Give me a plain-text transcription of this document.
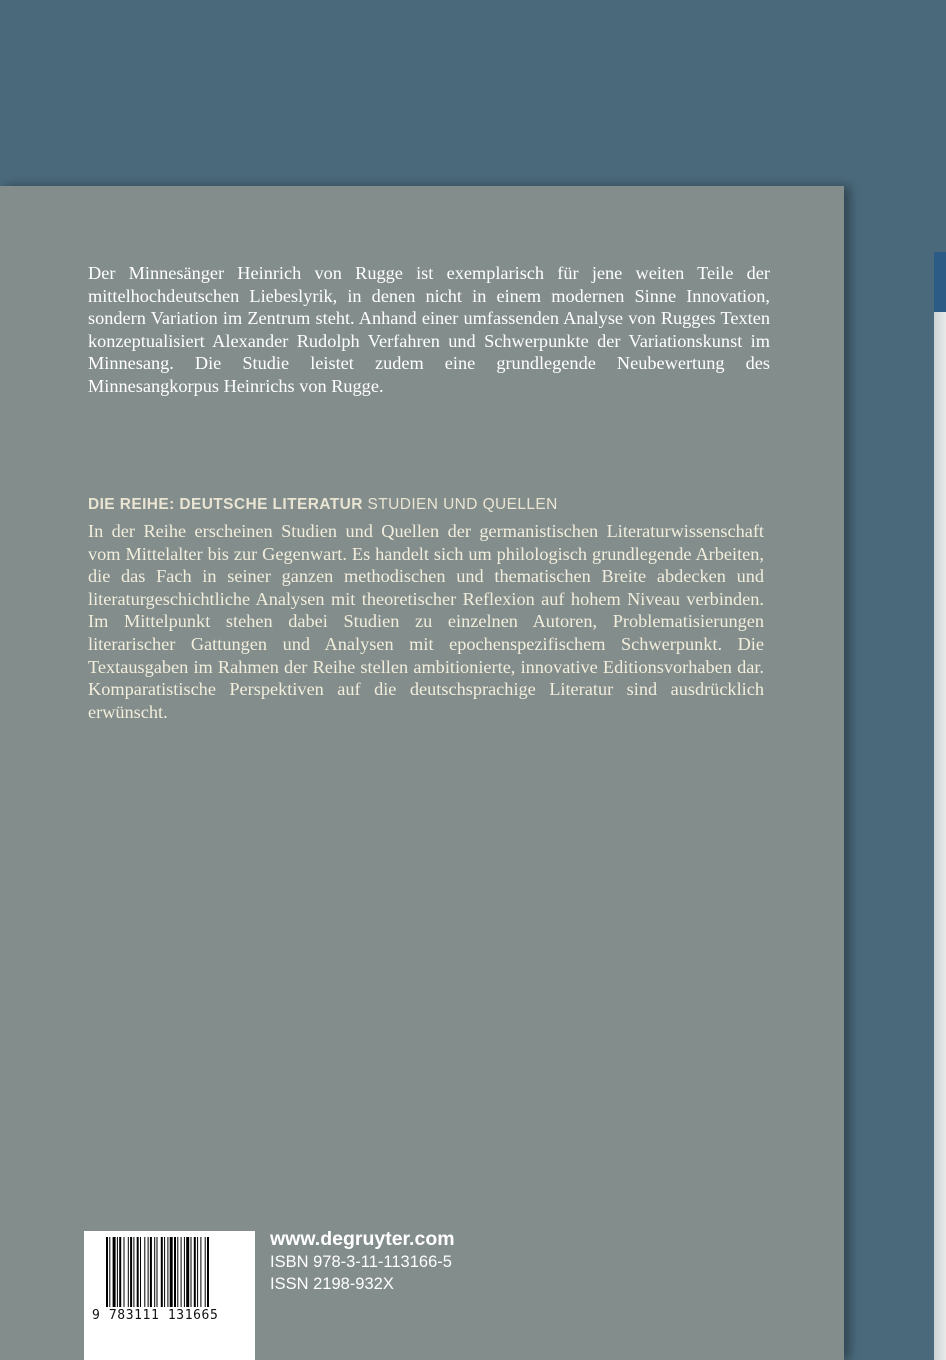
Der Minnesänger Heinrich von Rugge ist exemplarisch für jene weiten Teile der mittelhochdeutschen Liebeslyrik, in denen nicht in einem modernen Sinne Innovation, sondern Variation im Zentrum steht. Anhand einer umfassenden Analyse von Rugges Texten konzeptualisiert Alexander Rudolph Verfahren und Schwerpunkte der Variationskunst im Minnesang. Die Studie leistet zudem eine grundlegende Neubewertung des Minnesangkorpus Heinrichs von Rugge.
DIE REIHE: DEUTSCHE LITERATUR STUDIEN UND QUELLEN
In der Reihe erscheinen Studien und Quellen der germanistischen Literaturwissenschaft vom Mittelalter bis zur Gegenwart. Es handelt sich um philologisch grundlegende Arbeiten, die das Fach in seiner ganzen methodischen und thematischen Breite abdecken und literaturgeschichtliche Analysen mit theoretischer Reflexion auf hohem Niveau verbinden. Im Mittelpunkt stehen dabei Studien zu einzelnen Autoren, Problematisierungen literarischer Gattungen und Analysen mit epochenspezifischem Schwerpunkt. Die Textausgaben im Rahmen der Reihe stellen ambitionierte, innovative Editionsvorhaben dar. Komparatistische Perspektiven auf die deutschsprachige Literatur sind ausdrücklich erwünscht.
9 783111 131665
www.degruyter.com
ISBN 978-3-11-113166-5
ISSN 2198-932X
